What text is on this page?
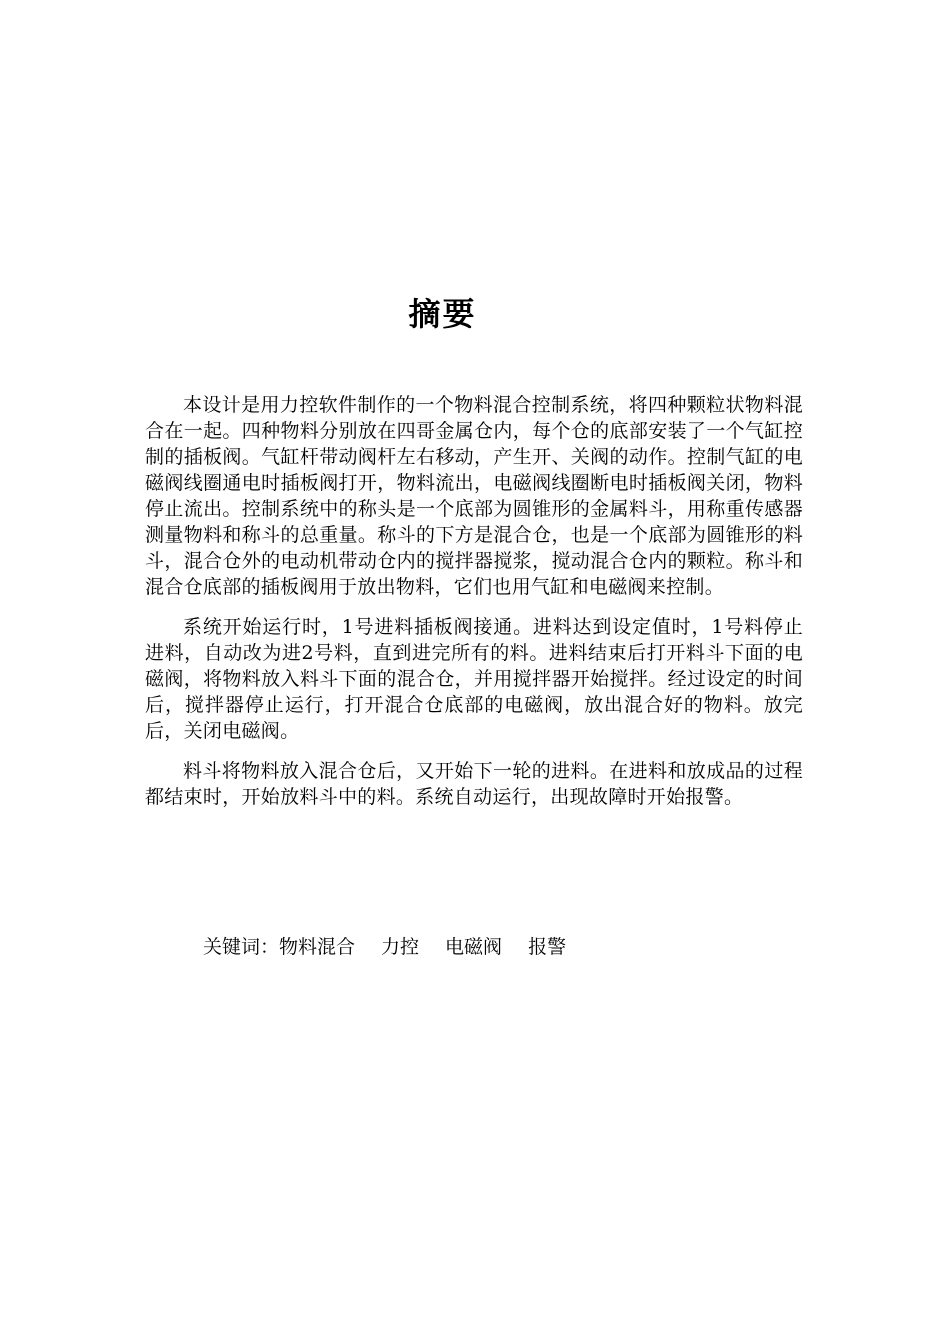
摘要

本设计是用力控软件制作的一个物料混合控制系统，将四种颗粒状物料混合在一起。四种物料分别放在四哥金属仓内，每个仓的底部安装了一个气缸控制的插板阀。气缸杆带动阀杆左右移动，产生开、关阀的动作。控制气缸的电磁阀线圈通电时插板阀打开，物料流出，电磁阀线圈断电时插板阀关闭，物料停止流出。控制系统中的称头是一个底部为圆锥形的金属料斗，用称重传感器测量物料和称斗的总重量。称斗的下方是混合仓，也是一个底部为圆锥形的料斗，混合仓外的电动机带动仓内的搅拌器搅浆，搅动混合仓内的颗粒。称斗和混合仓底部的插板阀用于放出物料，它们也用气缸和电磁阀来控制。

系统开始运行时，1号进料插板阀接通。进料达到设定值时，1号料停止进料，自动改为进2号料，直到进完所有的料。进料结束后打开料斗下面的电磁阀，将物料放入料斗下面的混合仓，并用搅拌器开始搅拌。经过设定的时间后，搅拌器停止运行，打开混合仓底部的电磁阀，放出混合好的物料。放完后，关闭电磁阀。

料斗将物料放入混合仓后，又开始下一轮的进料。在进料和放成品的过程都结束时，开始放料斗中的料。系统自动运行，出现故障时开始报警。

关键词：物料混合 力控 电磁阀 报警
